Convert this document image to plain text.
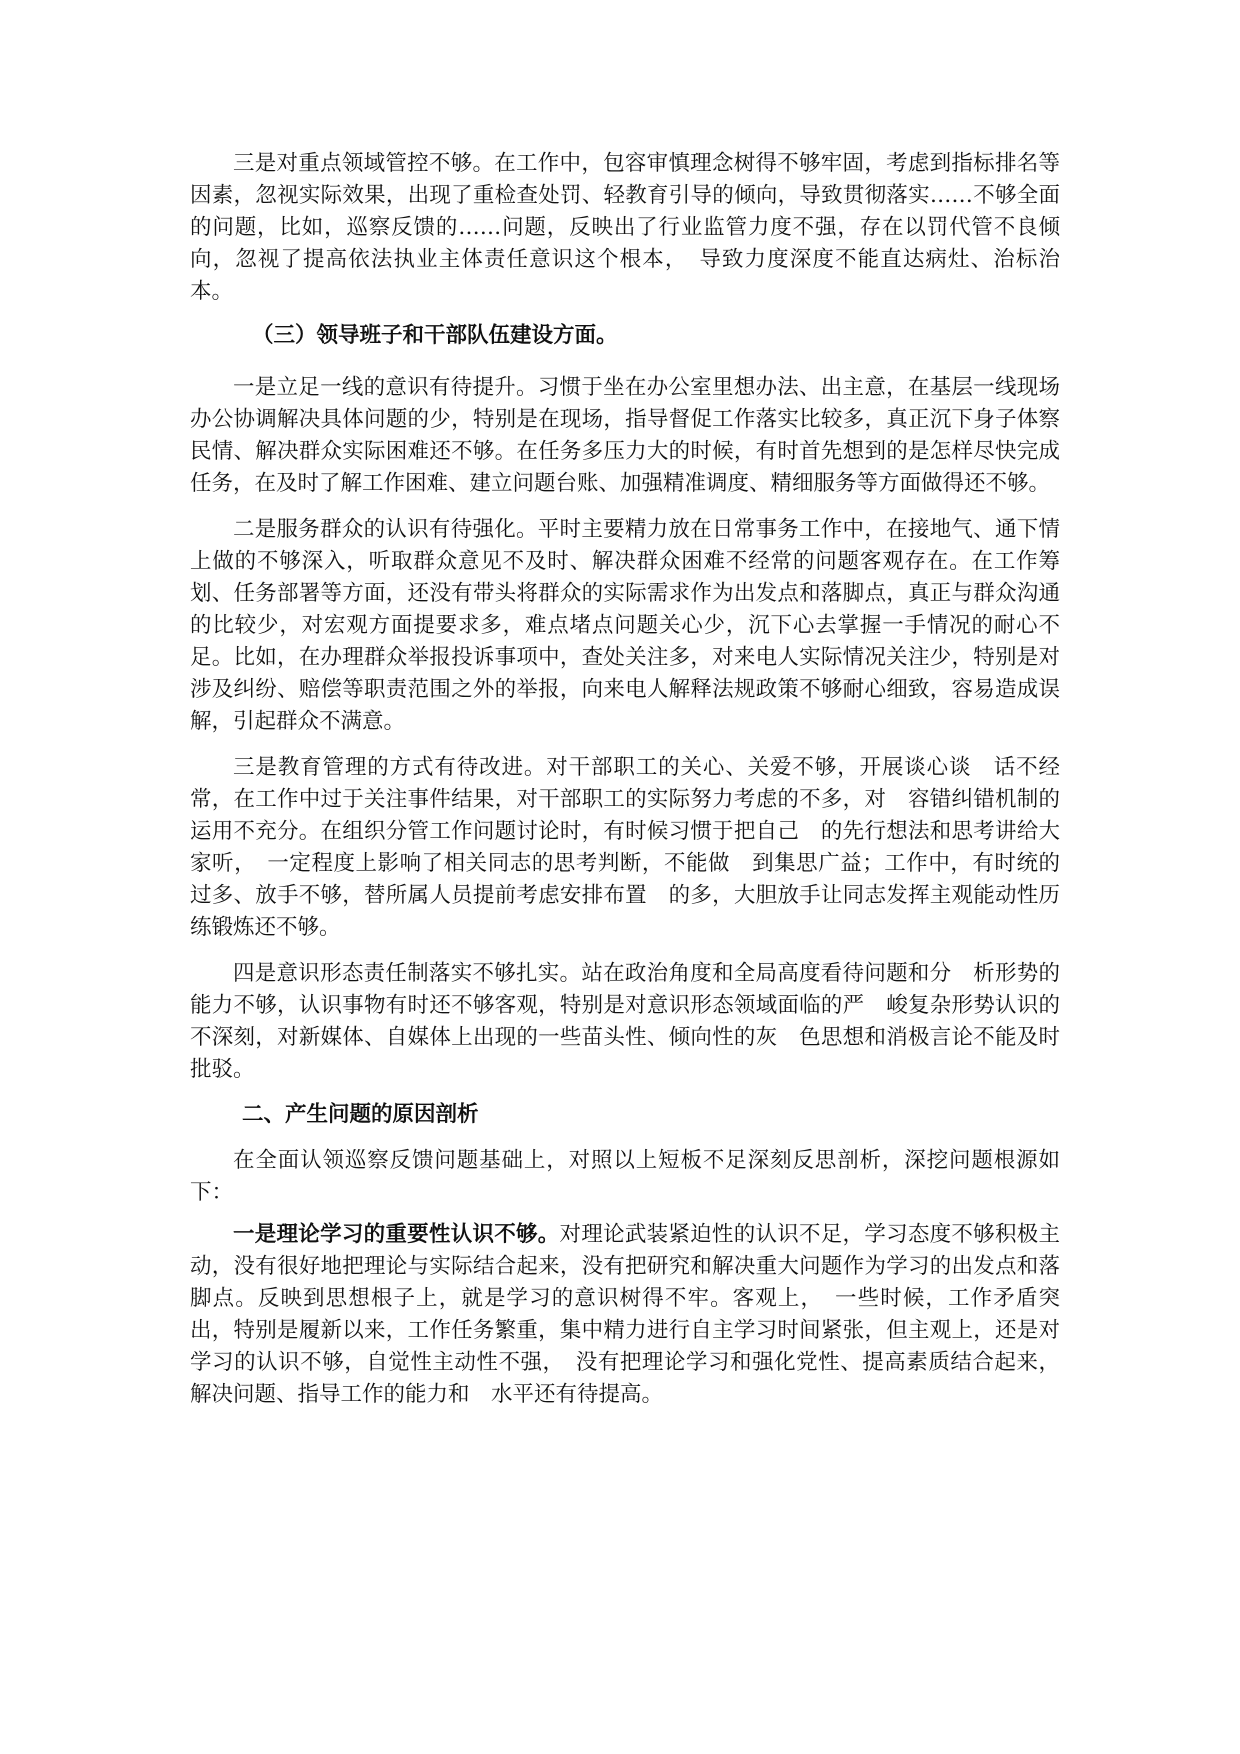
三是对重点领域管控不够。在工作中，包容审慎理念树得不够牢固，考虑到指标排名等因素，忽视实际效果，出现了重检查处罚、轻教育引导的倾向，导致贯彻落实……不够全面的问题，比如，巡察反馈的……问题，反映出了行业监管力度不强，存在以罚代管不良倾向，忽视了提高依法执业主体责任意识这个根本，　导致力度深度不能直达病灶、治标治本。

（三）领导班子和干部队伍建设方面。

一是立足一线的意识有待提升。习惯于坐在办公室里想办法、出主意，在基层一线现场办公协调解决具体问题的少，特别是在现场，指导督促工作落实比较多，真正沉下身子体察民情、解决群众实际困难还不够。在任务多压力大的时候，有时首先想到的是怎样尽快完成任务，在及时了解工作困难、建立问题台账、加强精准调度、精细服务等方面做得还不够。

二是服务群众的认识有待强化。平时主要精力放在日常事务工作中，在接地气、通下情上做的不够深入，听取群众意见不及时、解决群众困难不经常的问题客观存在。在工作筹划、任务部署等方面，还没有带头将群众的实际需求作为出发点和落脚点，真正与群众沟通的比较少，对宏观方面提要求多，难点堵点问题关心少，沉下心去掌握一手情况的耐心不足。比如，在办理群众举报投诉事项中，查处关注多，对来电人实际情况关注少，特别是对涉及纠纷、赔偿等职责范围之外的举报，向来电人解释法规政策不够耐心细致，容易造成误解，引起群众不满意。

三是教育管理的方式有待改进。对干部职工的关心、关爱不够，开展谈心谈　话不经常，在工作中过于关注事件结果，对干部职工的实际努力考虑的不多，对　容错纠错机制的运用不充分。在组织分管工作问题讨论时，有时候习惯于把自己　的先行想法和思考讲给大家听，　一定程度上影响了相关同志的思考判断，不能做　到集思广益；工作中，有时统的过多、放手不够，替所属人员提前考虑安排布置　的多，大胆放手让同志发挥主观能动性历练锻炼还不够。

四是意识形态责任制落实不够扎实。站在政治角度和全局高度看待问题和分　析形势的能力不够，认识事物有时还不够客观，特别是对意识形态领域面临的严　峻复杂形势认识的不深刻，对新媒体、自媒体上出现的一些苗头性、倾向性的灰　色思想和消极言论不能及时批驳。

二、产生问题的原因剖析

在全面认领巡察反馈问题基础上，对照以上短板不足深刻反思剖析，深挖问题根源如下：

一是理论学习的重要性认识不够。对理论武装紧迫性的认识不足，学习态度不够积极主动，没有很好地把理论与实际结合起来，没有把研究和解决重大问题作为学习的出发点和落脚点。反映到思想根子上，就是学习的意识树得不牢。客观上，　一些时候，工作矛盾突出，特别是履新以来，工作任务繁重，集中精力进行自主学习时间紧张，但主观上，还是对学习的认识不够，自觉性主动性不强，　没有把理论学习和强化党性、提高素质结合起来，解决问题、指导工作的能力和　水平还有待提高。
